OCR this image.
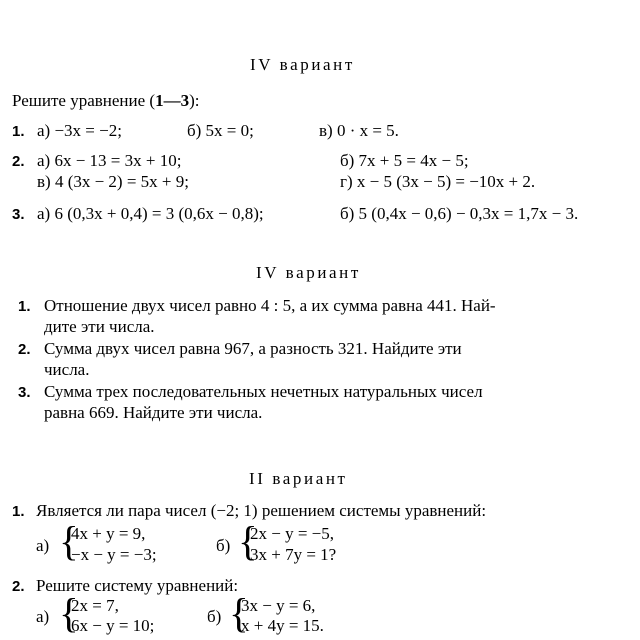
IV вариант
Решите уравнение (1—3):
1. а) −3x = −2;	б) 5x = 0;	в) 0 · x = 5.
2. а) 6x − 13 = 3x + 10;	б) 7x + 5 = 4x − 5;
в) 4 (3x − 2) = 5x + 9;	г) x − 5 (3x − 5) = −10x + 2.
3. а) 6 (0,3x + 0,4) = 3 (0,6x − 0,8);	б) 5 (0,4x − 0,6) − 0,3x = 1,7x − 3.
IV вариант
1. Отношение двух чисел равно 4 : 5, а их сумма равна 441. Най-
дите эти числа.
2. Сумма двух чисел равна 967, а разность 321. Найдите эти
числа.
3. Сумма трех последовательных нечетных натуральных чисел
равна 669. Найдите эти числа.
II вариант
1. Является ли пара чисел (−2; 1) решением системы уравнений:
а) {
4x + y = 9,
−x − y = −3;	б) {
2x − y = −5,
3x + 7y = 1?
2. Решите систему уравнений:
а) {
2x = 7,
6x − y = 10;	б) {
3x − y = 6,
x + 4y = 15.
